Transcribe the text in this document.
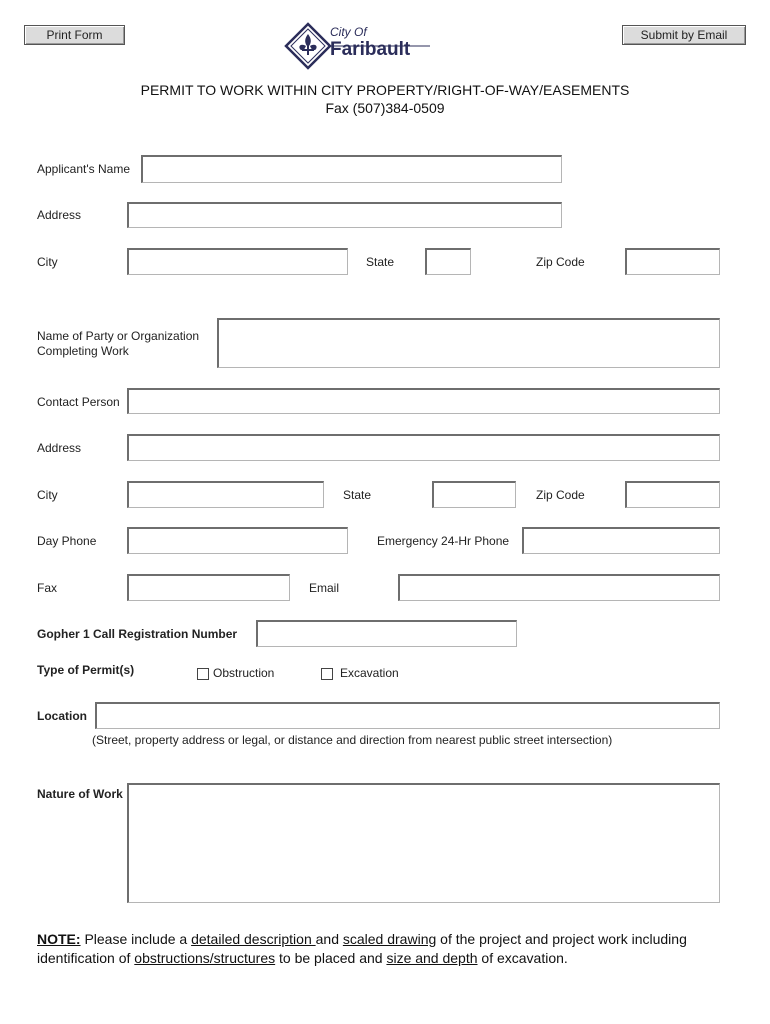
Print Form	Submit by Email
City Of
Faribault
PERMIT TO WORK WITHIN CITY PROPERTY/RIGHT-OF-WAY/EASEMENTS
Fax (507)384-0509
Applicant's Name
Address
City	State	Zip Code
Name of Party or Organization
Completing Work
Contact Person
Address
City	State	Zip Code
Day Phone	Emergency 24-Hr Phone
Fax	Email
Gopher 1 Call Registration Number
Type of Permit(s)	Obstruction	Excavation
Location
(Street, property address or legal, or distance and direction from nearest public street intersection)
Nature of Work
NOTE: Please include a detailed description and scaled drawing of the project and project work including identification of obstructions/structures to be placed and size and depth of excavation.
